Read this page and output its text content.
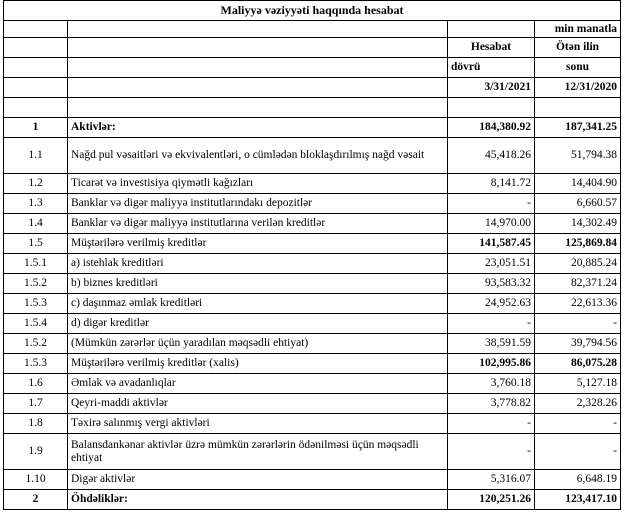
Maliyyə vəziyyəti haqqında hesabat			
			min manatla
		Hesabat	Ötən ilin
		dövrü	sonu
		3/31/2021	12/31/2020

1	Aktivlər:	184,380.92	187,341.25
1.1	Nağd pul vəsaitləri və ekvivalentləri, o cümlədən bloklaşdırılmış nağd vəsait	45,418.26	51,794.38
1.2	Ticarət və investisiya qiymətli kağızları	8,141.72	14,404.90
1.3	Banklar və digər maliyyə institutlarındakı depozitlər	-	6,660.57
1.4	Banklar və digər maliyyə institutlarına verilən kreditlər	14,970.00	14,302.49
1.5	Müştərilərə verilmiş kreditlər	141,587.45	125,869.84
1.5.1	a) istehlak kreditləri	23,051.51	20,885.24
1.5.2	b) biznes kreditləri	93,583.32	82,371.24
1.5.3	c) daşınmaz əmlak kreditləri	24,952.63	22,613.36
1.5.4	d) digər kreditlər	-	-
1.5.2	(Mümkün zərərlər üçün yaradılan məqsədli ehtiyat)	38,591.59	39,794.56
1.5.3	Müştərilərə verilmiş kreditlər (xalis)	102,995.86	86,075.28
1.6	Əmlak və avadanlıqlar	3,760.18	5,127.18
1.7	Qeyri-maddi aktivlər	3,778.82	2,328.26
1.8	Təxirə salınmış vergi aktivləri	-	-
1.9	Balansdankənar aktivlər üzrə mümkün zərərlərin ödənilməsi üçün məqsədli ehtiyat	-	-
1.10	Digər aktivlər	5,316.07	6,648.19
2	Öhdəliklər:	120,251.26	123,417.10
